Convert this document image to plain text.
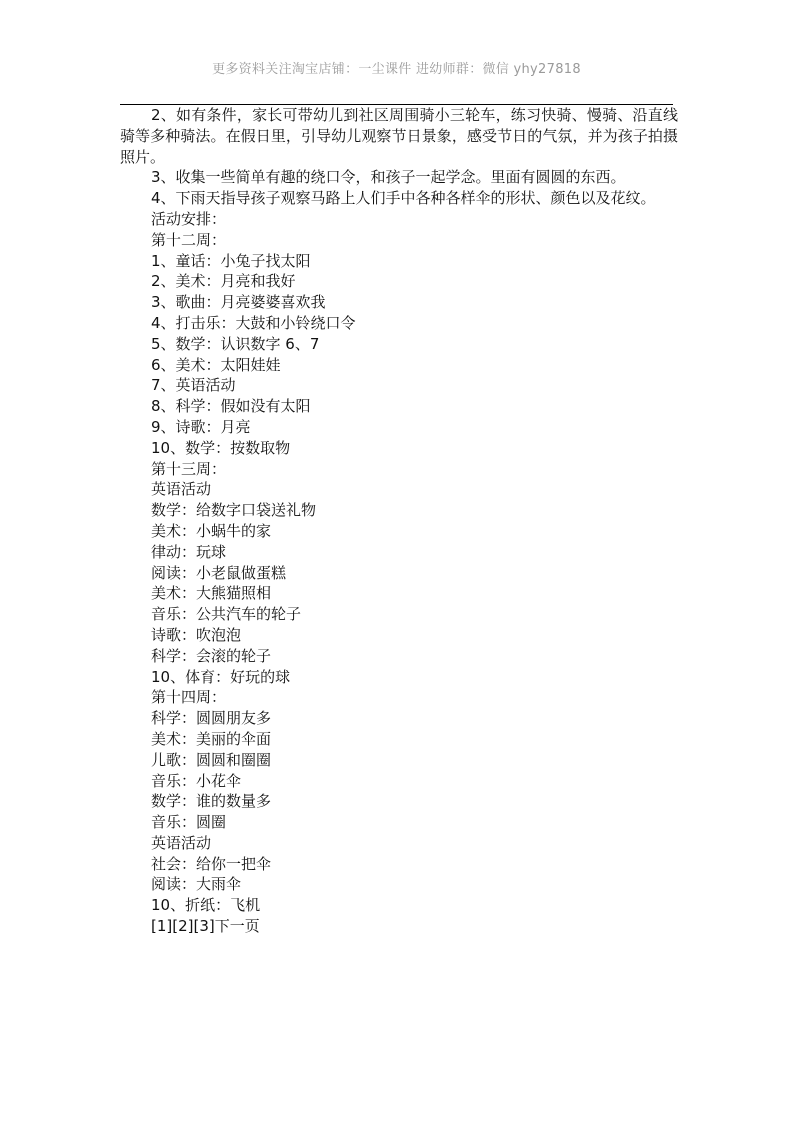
更多资料关注淘宝店铺：一尘课件 进幼师群：微信 yhy27818

2、如有条件，家长可带幼儿到社区周围骑小三轮车，练习快骑、慢骑、沿直线骑等多种骑法。在假日里，引导幼儿观察节日景象，感受节日的气氛，并为孩子拍摄照片。

3、收集一些简单有趣的绕口令，和孩子一起学念。里面有圆圆的东西。

4、下雨天指导孩子观察马路上人们手中各种各样伞的形状、颜色以及花纹。

活动安排：

第十二周：

1、童话：小兔子找太阳

2、美术：月亮和我好

3、歌曲：月亮婆婆喜欢我

4、打击乐：大鼓和小铃绕口令

5、数学：认识数字 6、7

6、美术：太阳娃娃

7、英语活动

8、科学：假如没有太阳

9、诗歌：月亮

10、数学：按数取物

第十三周：

英语活动

数学：给数字口袋送礼物

美术：小蜗牛的家

律动：玩球

阅读：小老鼠做蛋糕

美术：大熊猫照相

音乐：公共汽车的轮子

诗歌：吹泡泡

科学：会滚的轮子

10、体育：好玩的球

第十四周：

科学：圆圆朋友多

美术：美丽的伞面

儿歌：圆圆和圈圈

音乐：小花伞

数学：谁的数量多

音乐：圆圈

英语活动

社会：给你一把伞

阅读：大雨伞

10、折纸：飞机

[1][2][3]下一页
